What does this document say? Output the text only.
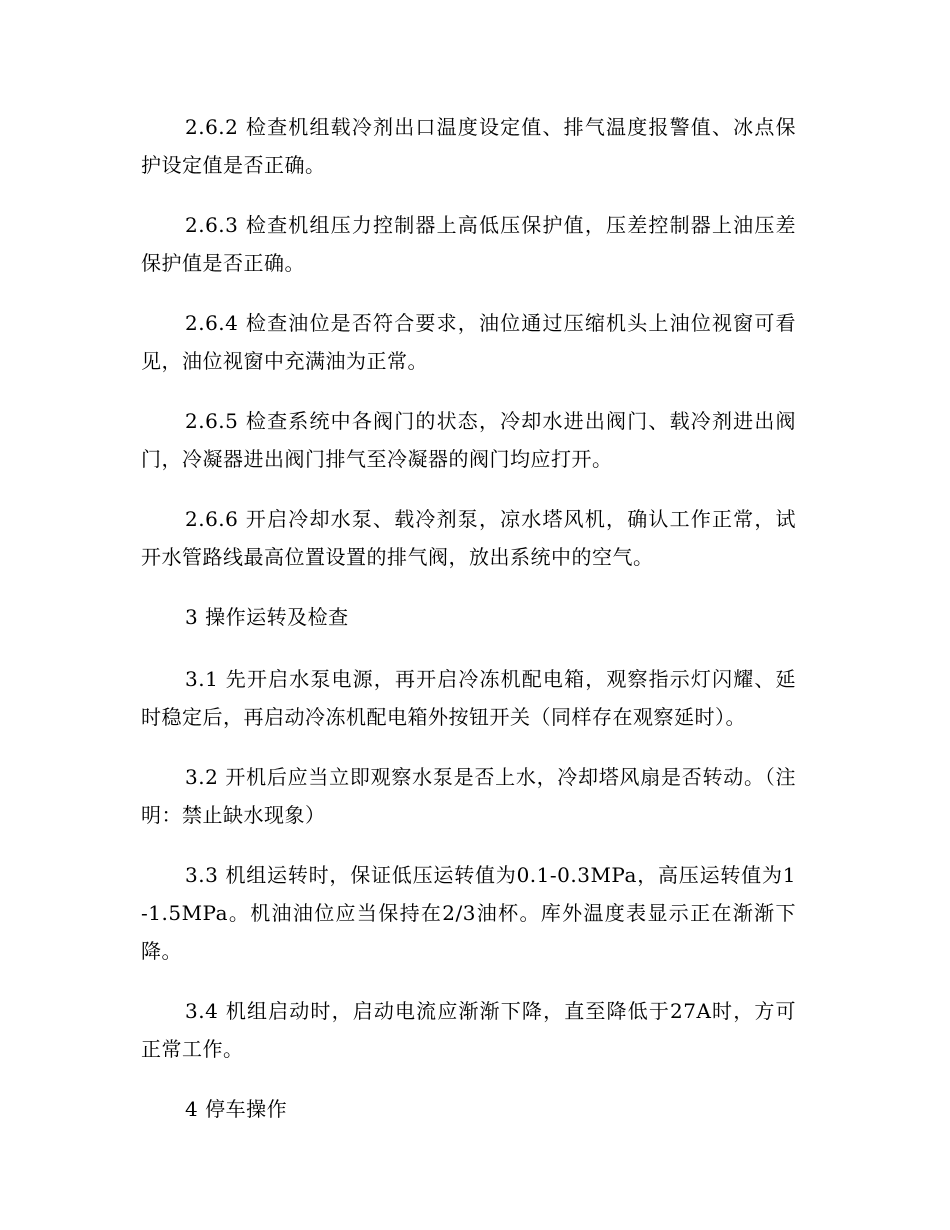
2.6.2 检查机组载冷剂出口温度设定值、排气温度报警值、冰点保护设定值是否正确。

2.6.3 检查机组压力控制器上高低压保护值，压差控制器上油压差保护值是否正确。

2.6.4 检查油位是否符合要求，油位通过压缩机头上油位视窗可看见，油位视窗中充满油为正常。

2.6.5 检查系统中各阀门的状态，冷却水进出阀门、载冷剂进出阀门，冷凝器进出阀门排气至冷凝器的阀门均应打开。

2.6.6 开启冷却水泵、载冷剂泵，凉水塔风机，确认工作正常，试开水管路线最高位置设置的排气阀，放出系统中的空气。

3 操作运转及检查

3.1 先开启水泵电源，再开启冷冻机配电箱，观察指示灯闪耀、延时稳定后，再启动冷冻机配电箱外按钮开关（同样存在观察延时）。

3.2 开机后应当立即观察水泵是否上水，冷却塔风扇是否转动。（注明：禁止缺水现象）

3.3 机组运转时，保证低压运转值为0.1-0.3MPa，高压运转值为1-1.5MPa。机油油位应当保持在2/3油杯。库外温度表显示正在渐渐下降。

3.4 机组启动时，启动电流应渐渐下降，直至降低于27A时，方可正常工作。

4 停车操作
